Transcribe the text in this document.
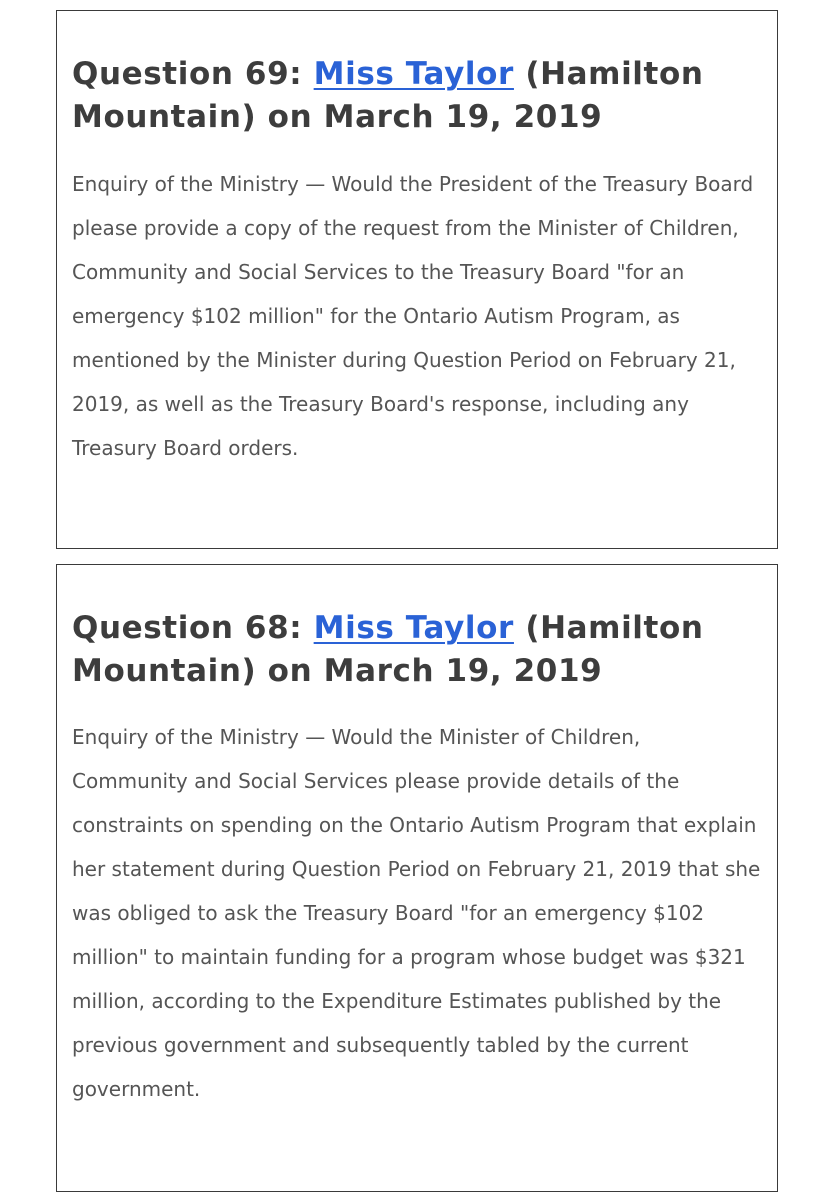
Question 69: Miss Taylor (Hamilton Mountain) on March 19, 2019

Enquiry of the Ministry — Would the President of the Treasury Board please provide a copy of the request from the Minister of Children, Community and Social Services to the Treasury Board "for an emergency $102 million" for the Ontario Autism Program, as mentioned by the Minister during Question Period on February 21, 2019, as well as the Treasury Board's response, including any Treasury Board orders.

Question 68: Miss Taylor (Hamilton Mountain) on March 19, 2019

Enquiry of the Ministry — Would the Minister of Children, Community and Social Services please provide details of the constraints on spending on the Ontario Autism Program that explain her statement during Question Period on February 21, 2019 that she was obliged to ask the Treasury Board "for an emergency $102 million" to maintain funding for a program whose budget was $321 million, according to the Expenditure Estimates published by the previous government and subsequently tabled by the current government.
